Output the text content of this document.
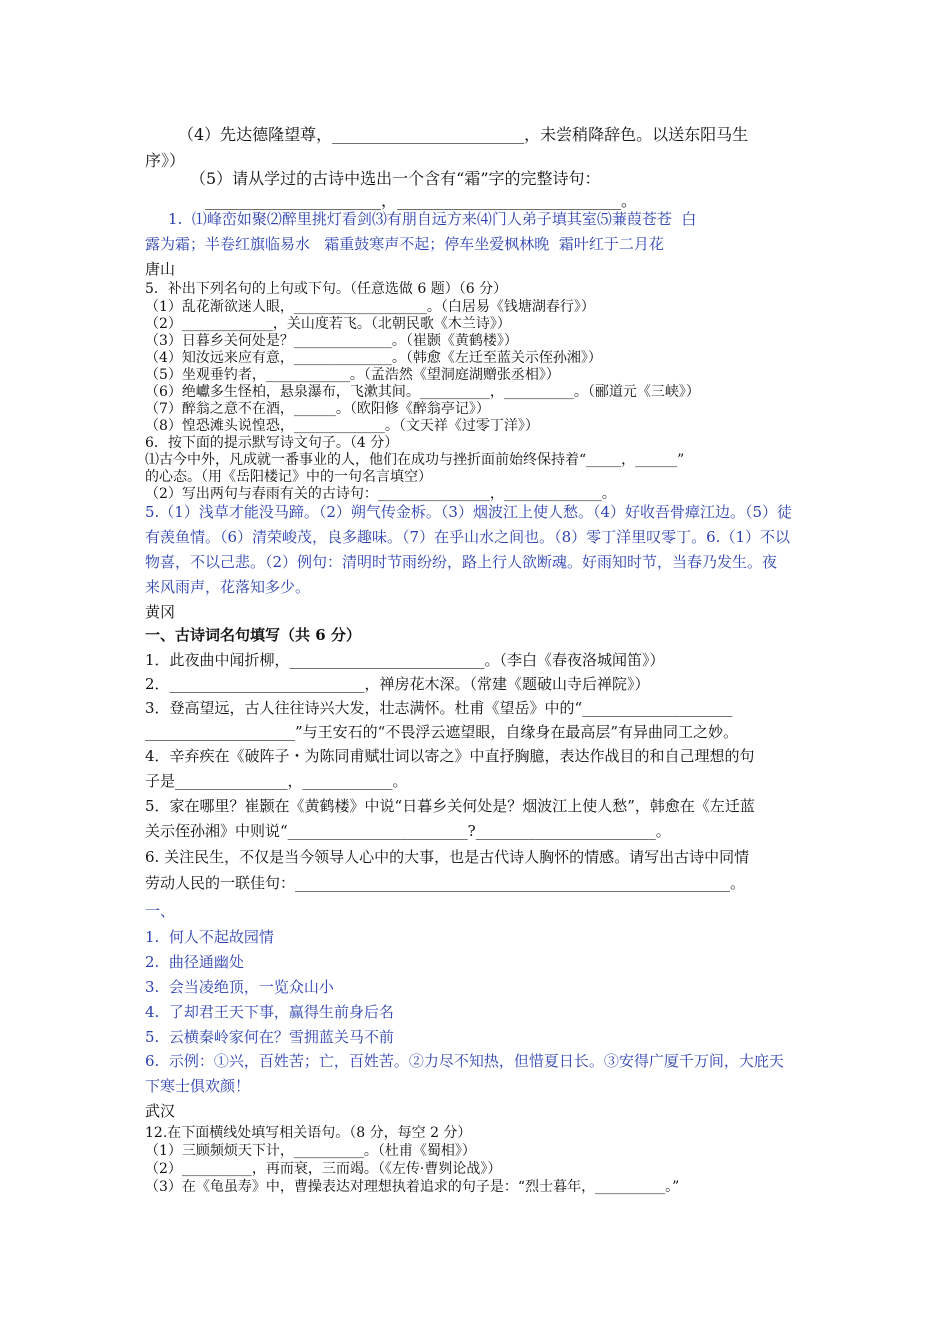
（4）先达德隆望尊，________________________，未尝稍降辞色。以送东阳马生
序》）
（5）请从学过的古诗中选出一个含有“霜”字的完整诗句：
______________________，____________________________。
1.  ⑴峰峦如聚⑵醉里挑灯看剑⑶有朋自远方来⑷门人弟子填其室⑸蒹葭苍苍  白
露为霜；半卷红旗临易水   霜重鼓寒声不起；停车坐爱枫林晚  霜叶红于二月花
唐山
5．补出下列名句的上句或下句。（任意选做 6 题）（6 分）
（1）乱花渐欲迷人眼，___________________。（白居易《钱塘湖春行》）
（2）_____________，关山度若飞。（北朝民歌《木兰诗》）
（3）日暮乡关何处是？______________。（崔颢《黄鹤楼》）
（4）知汝远来应有意，______________。（韩愈《左迁至蓝关示侄孙湘》）
（5）坐观垂钓者，____________。（孟浩然《望洞庭湖赠张丞相》）
（6）绝巘多生怪柏，悬泉瀑布，飞漱其间。__________，__________。（郦道元《三峡》）
（7）醉翁之意不在酒，______。（欧阳修《醉翁亭记》）
（8）惶恐滩头说惶恐，_____________。（文天祥《过零丁洋》）
6．按下面的提示默写诗文句子。（4 分）
⑴古今中外，凡成就一番事业的人，他们在成功与挫折面前始终保持着“_____，______”
的心态。（用《岳阳楼记》中的一句名言填空）
（2）写出两句与春雨有关的古诗句：________________，______________。
5.（1）浅草才能没马蹄。（2）朔气传金柝。（3）烟波江上使人愁。（4）好收吾骨瘴江边。（5）徒
有羡鱼情。（6）清荣峻茂，良多趣味。（7）在乎山水之间也。（8）零丁洋里叹零丁。6.（1）不以
物喜，不以己悲。（2）例句：清明时节雨纷纷，路上行人欲断魂。好雨知时节，当春乃发生。夜
来风雨声，花落知多少。
黄冈
一、古诗词名句填写（共 6 分）
1．此夜曲中闻折柳，__________________________。（李白《春夜洛城闻笛》）
2．__________________________，禅房花木深。（常建《题破山寺后禅院》）
3．登高望远，古人往往诗兴大发，壮志满怀。杜甫《望岳》中的“____________________
____________________”与王安石的“不畏浮云遮望眼，自缘身在最高层”有异曲同工之妙。
4．辛弃疾在《破阵子・为陈同甫赋壮词以寄之》中直抒胸臆，表达作战目的和自己理想的句
子是_______________，____________。
5．家在哪里？崔颢在《黄鹤楼》中说“日暮乡关何处是？烟波江上使人愁”，韩愈在《左迁蓝
关示侄孙湘》中则说“________________________?________________________。
6. 关注民生，不仅是当今领导人心中的大事，也是古代诗人胸怀的情感。请写出古诗中同情
劳动人民的一联佳句：__________________________________________________________。
一、
1.  何人不起故园情
2.  曲径通幽处
3.  会当凌绝顶，一览众山小
4.  了却君王天下事，赢得生前身后名
5.  云横秦岭家何在？雪拥蓝关马不前
6.  示例：①兴，百姓苦；亡，百姓苦。②力尽不知热，但惜夏日长。③安得广厦千万间，大庇天
下寒士俱欢颜！
武汉
12.在下面横线处填写相关语句。（8 分，每空 2 分）
（1）三顾频烦天下计，__________。（杜甫《蜀相》）
（2）__________，再而衰，三而竭。（《左传·曹刿论战》）
（3）在《龟虽寿》中，曹操表达对理想执着追求的句子是：“烈士暮年，__________。”
